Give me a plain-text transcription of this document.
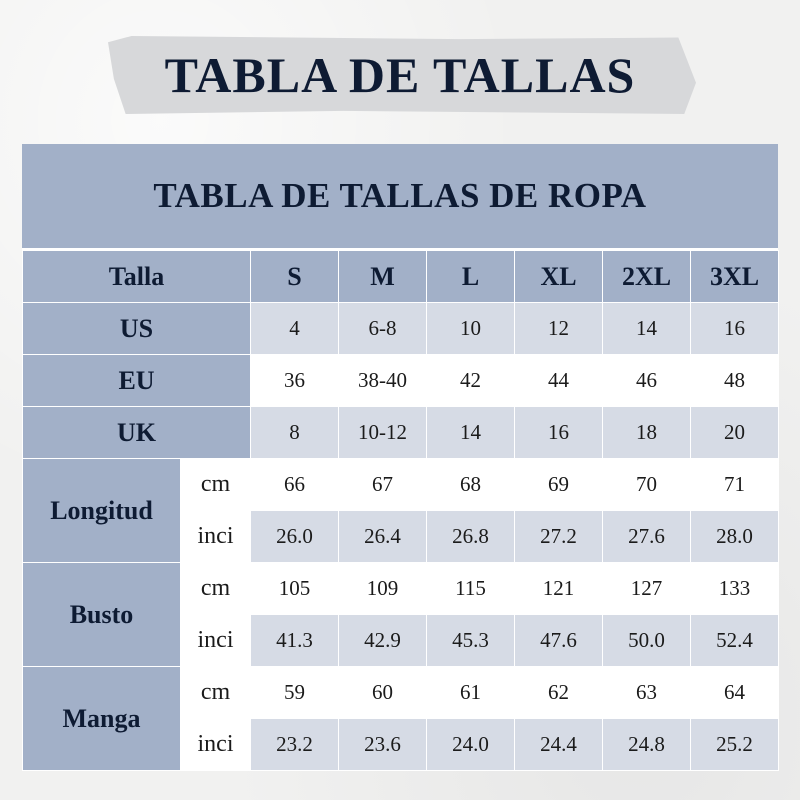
TABLA DE TALLAS
TABLA DE TALLAS DE ROPA
Talla		S	M	L	XL	2XL	3XL
US		4	6-8	10	12	14	16
EU		36	38-40	42	44	46	48
UK		8	10-12	14	16	18	20
Longitud	cm	66	67	68	69	70	71
	inci	26.0	26.4	26.8	27.2	27.6	28.0
Busto	cm	105	109	115	121	127	133
	inci	41.3	42.9	45.3	47.6	50.0	52.4
Manga	cm	59	60	61	62	63	64
	inci	23.2	23.6	24.0	24.4	24.8	25.2
